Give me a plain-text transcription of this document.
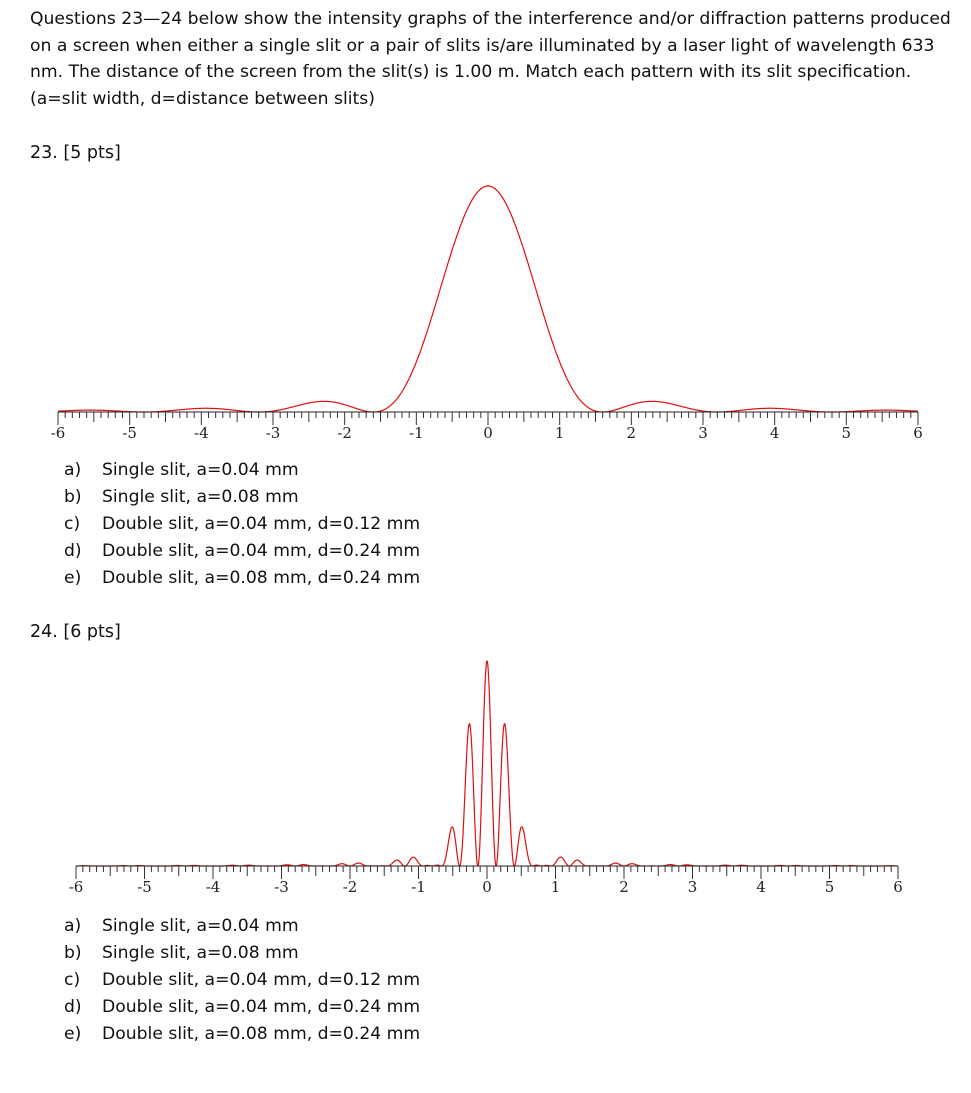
Questions 23—24 below show the intensity graphs of the interference and/or diffraction patterns produced on a screen when either a single slit or a pair of slits is/are illuminated by a laser light of wavelength 633 nm. The distance of the screen from the slit(s) is 1.00 m. Match each pattern with its slit specification. (a=slit width, d=distance between slits)

23. [5 pts]

-6	-5	-4	-3	-2	-1	0	1	2	3	4	5	6
a) Single slit, a=0.04 mm
b) Single slit, a=0.08 mm
c) Double slit, a=0.04 mm, d=0.12 mm
d) Double slit, a=0.04 mm, d=0.24 mm
e) Double slit, a=0.08 mm, d=0.24 mm

24. [6 pts]

-6	-5	-4	-3	-2	-1	0	1	2	3	4	5	6
a) Single slit, a=0.04 mm
b) Single slit, a=0.08 mm
c) Double slit, a=0.04 mm, d=0.12 mm
d) Double slit, a=0.04 mm, d=0.24 mm
e) Double slit, a=0.08 mm, d=0.24 mm
